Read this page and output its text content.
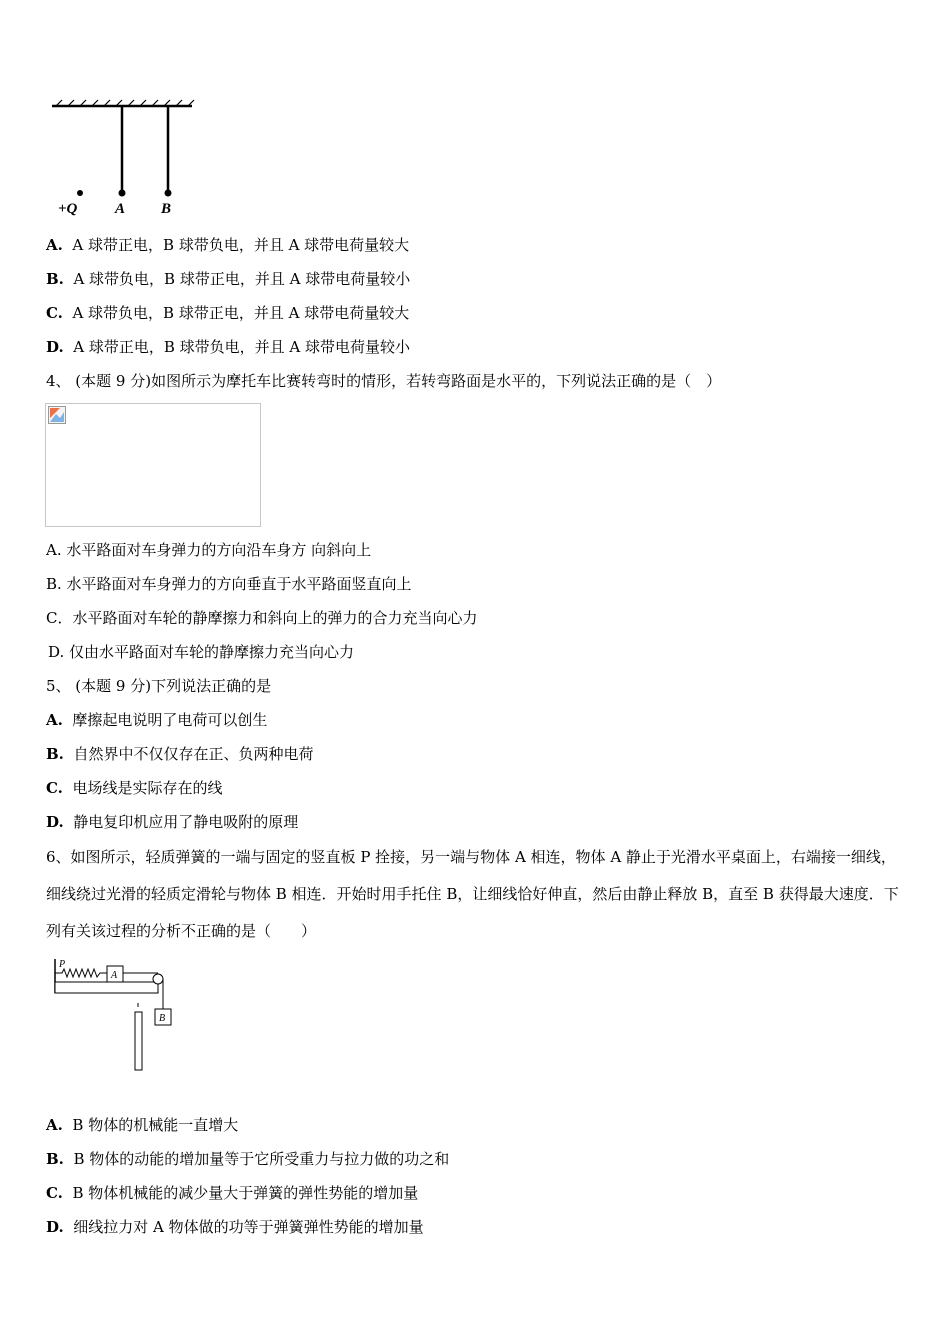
+Q	A B
A. A 球带正电，B 球带负电，并且 A 球带电荷量较大
B. A 球带负电，B 球带正电，并且 A 球带电荷量较小
C. A 球带负电，B 球带正电，并且 A 球带电荷量较大
D. A 球带正电，B 球带负电，并且 A 球带电荷量较小
4、 (本题 9 分)如图所示为摩托车比赛转弯时的情形，若转弯路面是水平的，下列说法正确的是（　）
A. 水平路面对车身弹力的方向沿车身方 向斜向上
B. 水平路面对车身弹力的方向垂直于水平路面竖直向上
C．水平路面对车轮的静摩擦力和斜向上的弹力的合力充当向心力
D. 仅由水平路面对车轮的静摩擦力充当向心力
5、 (本题 9 分)下列说法正确的是
A. 摩擦起电说明了电荷可以创生
B. 自然界中不仅仅存在正、负两种电荷
C. 电场线是实际存在的线
D. 静电复印机应用了静电吸附的原理
6、如图所示，轻质弹簧的一端与固定的竖直板 P 拴接，另一端与物体 A 相连，物体 A 静止于光滑水平桌面上，右端接一细线，细线绕过光滑的轻质定滑轮与物体 B 相连．开始时用手托住 B，让细线恰好伸直，然后由静止释放 B，直至 B 获得最大速度．下列有关该过程的分析不正确的是（　　）
P
A
B
A. B 物体的机械能一直增大
B. B 物体的动能的增加量等于它所受重力与拉力做的功之和
C. B 物体机械能的减少量大于弹簧的弹性势能的增加量
D. 细线拉力对 A 物体做的功等于弹簧弹性势能的增加量
